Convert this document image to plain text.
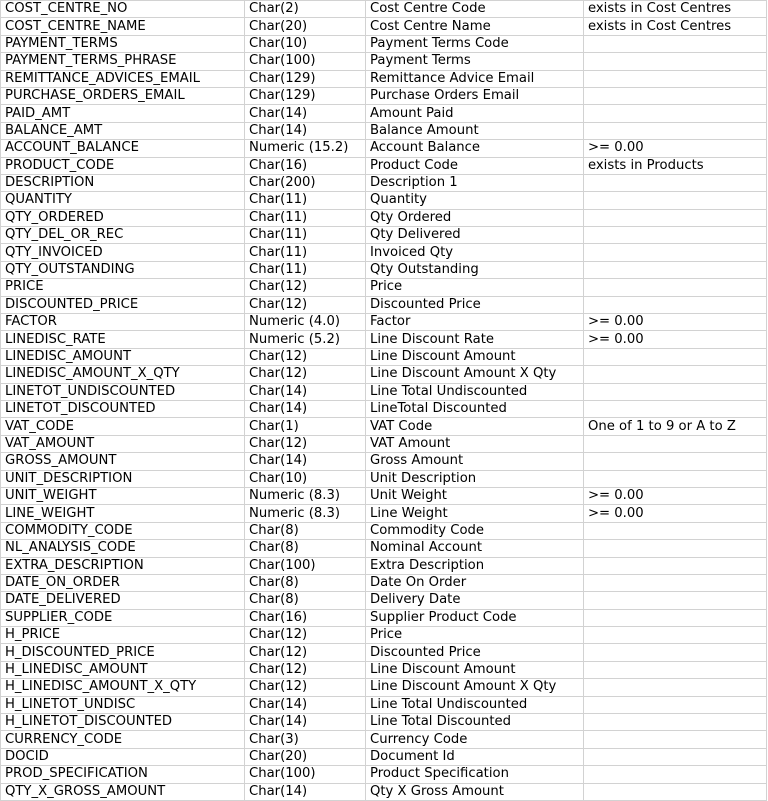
COST_CENTRE_NO	Char(2)	Cost Centre Code	exists in Cost Centres
COST_CENTRE_NAME	Char(20)	Cost Centre Name	exists in Cost Centres
PAYMENT_TERMS	Char(10)	Payment Terms Code	
PAYMENT_TERMS_PHRASE	Char(100)	Payment Terms	
REMITTANCE_ADVICES_EMAIL	Char(129)	Remittance Advice Email	
PURCHASE_ORDERS_EMAIL	Char(129)	Purchase Orders Email	
PAID_AMT	Char(14)	Amount Paid	
BALANCE_AMT	Char(14)	Balance Amount	
ACCOUNT_BALANCE	Numeric (15.2)	Account Balance	>= 0.00
PRODUCT_CODE	Char(16)	Product Code	exists in Products
DESCRIPTION	Char(200)	Description 1	
QUANTITY	Char(11)	Quantity	
QTY_ORDERED	Char(11)	Qty Ordered	
QTY_DEL_OR_REC	Char(11)	Qty Delivered	
QTY_INVOICED	Char(11)	Invoiced Qty	
QTY_OUTSTANDING	Char(11)	Qty Outstanding	
PRICE	Char(12)	Price	
DISCOUNTED_PRICE	Char(12)	Discounted Price	
FACTOR	Numeric (4.0)	Factor	>= 0.00
LINEDISC_RATE	Numeric (5.2)	Line Discount Rate	>= 0.00
LINEDISC_AMOUNT	Char(12)	Line Discount Amount	
LINEDISC_AMOUNT_X_QTY	Char(12)	Line Discount Amount X Qty	
LINETOT_UNDISCOUNTED	Char(14)	Line Total Undiscounted	
LINETOT_DISCOUNTED	Char(14)	LineTotal Discounted	
VAT_CODE	Char(1)	VAT Code	One of 1 to 9 or A to Z
VAT_AMOUNT	Char(12)	VAT Amount	
GROSS_AMOUNT	Char(14)	Gross Amount	
UNIT_DESCRIPTION	Char(10)	Unit Description	
UNIT_WEIGHT	Numeric (8.3)	Unit Weight	>= 0.00
LINE_WEIGHT	Numeric (8.3)	Line Weight	>= 0.00
COMMODITY_CODE	Char(8)	Commodity Code	
NL_ANALYSIS_CODE	Char(8)	Nominal Account	
EXTRA_DESCRIPTION	Char(100)	Extra Description	
DATE_ON_ORDER	Char(8)	Date On Order	
DATE_DELIVERED	Char(8)	Delivery Date	
SUPPLIER_CODE	Char(16)	Supplier Product Code	
H_PRICE	Char(12)	Price	
H_DISCOUNTED_PRICE	Char(12)	Discounted Price	
H_LINEDISC_AMOUNT	Char(12)	Line Discount Amount	
H_LINEDISC_AMOUNT_X_QTY	Char(12)	Line Discount Amount X Qty	
H_LINETOT_UNDISC	Char(14)	Line Total Undiscounted	
H_LINETOT_DISCOUNTED	Char(14)	Line Total Discounted	
CURRENCY_CODE	Char(3)	Currency Code	
DOCID	Char(20)	Document Id	
PROD_SPECIFICATION	Char(100)	Product Specification	
QTY_X_GROSS_AMOUNT	Char(14)	Qty X Gross Amount	
